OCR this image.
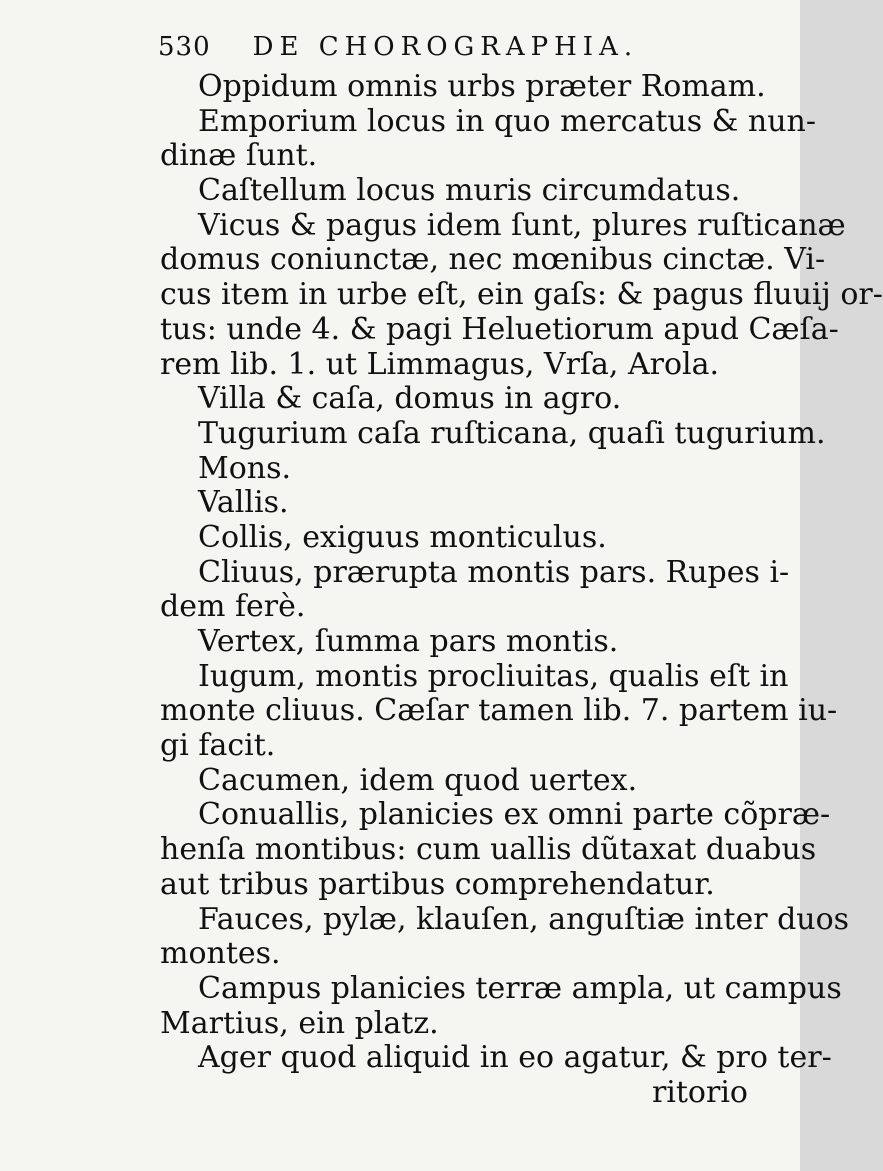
530 DE CHOROGRAPHIA.
Oppidum omnis urbs præter Romam.
Emporium locus in quo mercatus & nun-
dinæ ſunt.
Caſtellum locus muris circumdatus.
Vicus & pagus idem ſunt, plures ruſticanæ
domus coniunctæ, nec mœnibus cinctæ. Vi-
cus item in urbe eſt, ein gaſs: & pagus fluuij or-
tus: unde 4. & pagi Heluetiorum apud Cæſa-
rem lib. 1. ut Limmagus, Vrſa, Arola.
Villa & caſa, domus in agro.
Tugurium caſa ruſticana, quaſi tugurium.
Mons.
Vallis.
Collis, exiguus monticulus.
Cliuus, prærupta montis pars. Rupes i-
dem ferè.
Vertex, ſumma pars montis.
Iugum, montis procliuitas, qualis eſt in
monte cliuus. Cæſar tamen lib. 7. partem iu-
gi facit.
Cacumen, idem quod uertex.
Conuallis, planicies ex omni parte cõpræ-
henſa montibus: cum uallis dũtaxat duabus
aut tribus partibus comprehendatur.
Fauces, pylæ, klauſen, anguſtiæ inter duos
montes.
Campus planicies terræ ampla, ut campus
Martius, ein platz.
Ager quod aliquid in eo agatur, & pro ter-
ritorio
